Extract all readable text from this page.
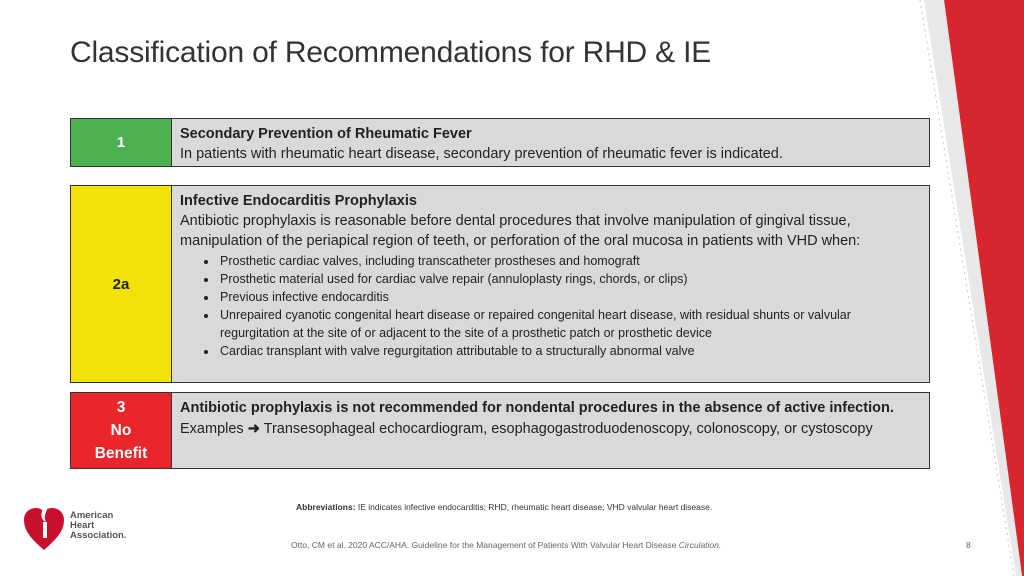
Classification of Recommendations for RHD & IE
1	Secondary Prevention of Rheumatic Fever
In patients with rheumatic heart disease, secondary prevention of rheumatic fever is indicated.
2a
Infective Endocarditis Prophylaxis
Antibiotic prophylaxis is reasonable before dental procedures that involve manipulation of gingival tissue, manipulation of the periapical region of teeth, or perforation of the oral mucosa in patients with VHD when:
• Prosthetic cardiac valves, including transcatheter prostheses and homograft
• Prosthetic material used for cardiac valve repair (annuloplasty rings, chords, or clips)
• Previous infective endocarditis
• Unrepaired cyanotic congenital heart disease or repaired congenital heart disease, with residual shunts or valvular regurgitation at the site of or adjacent to the site of a prosthetic patch or prosthetic device
• Cardiac transplant with valve regurgitation attributable to a structurally abnormal valve
3
No
Benefit
Antibiotic prophylaxis is not recommended for nondental procedures in the absence of active infection.
Examples ➜ Transesophageal echocardiogram, esophagogastroduodenoscopy, colonoscopy, or cystoscopy
Abbreviations: IE indicates infective endocarditis; RHD, rheumatic heart disease; VHD valvular heart disease.
Otto, CM et al. 2020 ACC/AHA. Guideline for the Management of Patients With Valvular Heart Disease Circulation.	8
American
Heart
Association.
